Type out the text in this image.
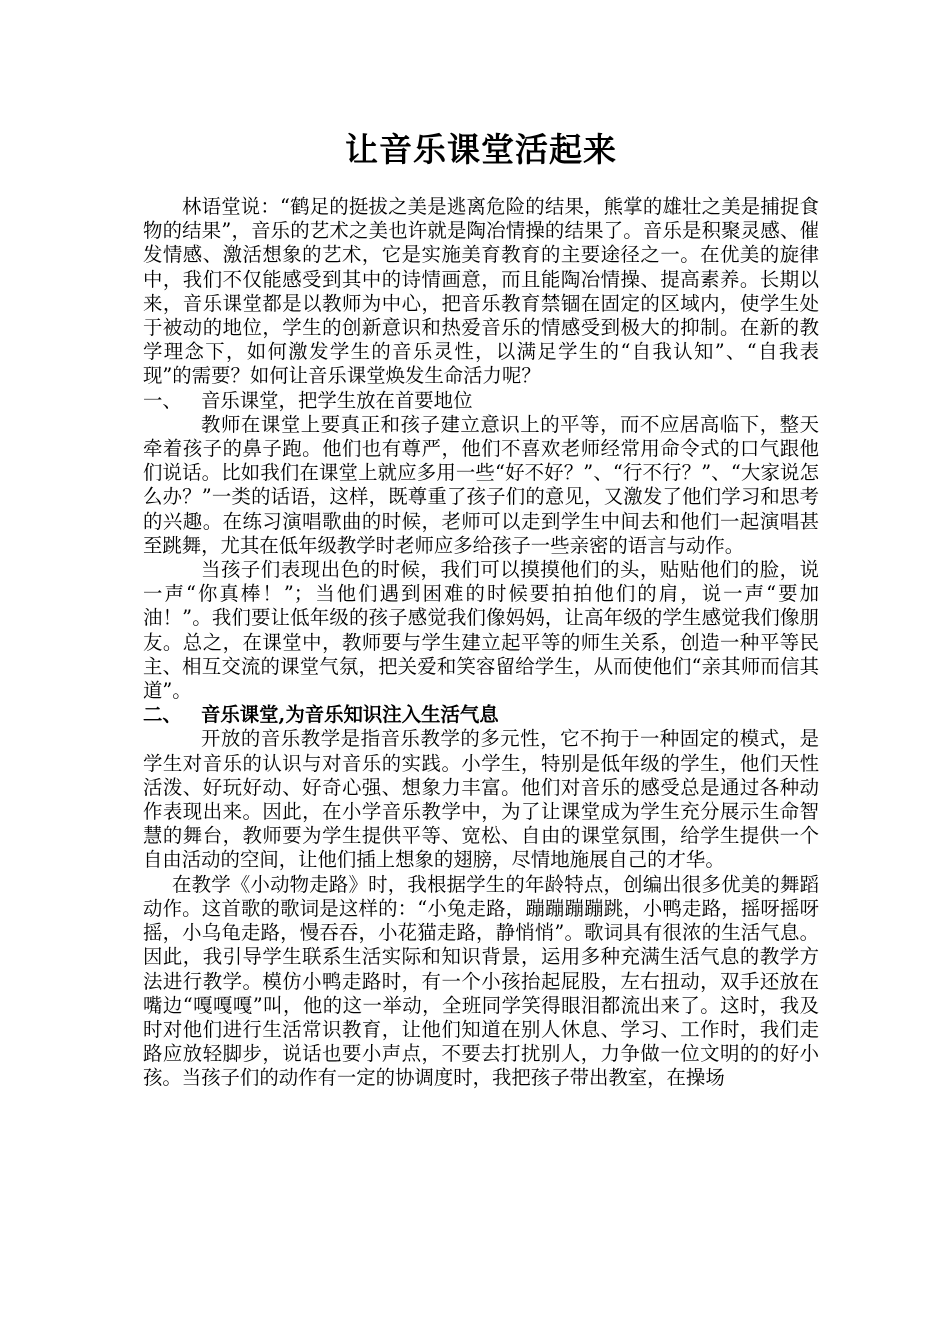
让音乐课堂活起来

林语堂说：“鹤足的挺拔之美是逃离危险的结果，熊掌的雄壮之美是捕捉食物的结果”，音乐的艺术之美也许就是陶冶情操的结果了。音乐是积聚灵感、催发情感、激活想象的艺术，它是实施美育教育的主要途径之一。在优美的旋律中，我们不仅能感受到其中的诗情画意，而且能陶冶情操、提高素养。长期以来，音乐课堂都是以教师为中心，把音乐教育禁锢在固定的区域内，使学生处于被动的地位，学生的创新意识和热爱音乐的情感受到极大的抑制。在新的教学理念下，如何激发学生的音乐灵性，以满足学生的“自我认知”、“自我表现”的需要？如何让音乐课堂焕发生命活力呢？

一、 音乐课堂，把学生放在首要地位

教师在课堂上要真正和孩子建立意识上的平等，而不应居高临下，整天牵着孩子的鼻子跑。他们也有尊严，他们不喜欢老师经常用命令式的口气跟他们说话。比如我们在课堂上就应多用一些“好不好？”、“行不行？”、“大家说怎么办？”一类的话语，这样，既尊重了孩子们的意见，又激发了他们学习和思考的兴趣。在练习演唱歌曲的时候，老师可以走到学生中间去和他们一起演唱甚至跳舞，尤其在低年级教学时老师应多给孩子一些亲密的语言与动作。

当孩子们表现出色的时候，我们可以摸摸他们的头，贴贴他们的脸，说一声“你真棒！”；当他们遇到困难的时候要拍拍他们的肩，说一声“要加油！”。我们要让低年级的孩子感觉我们像妈妈，让高年级的学生感觉我们像朋友。总之，在课堂中，教师要与学生建立起平等的师生关系，创造一种平等民主、相互交流的课堂气氛，把关爱和笑容留给学生，从而使他们“亲其师而信其道”。

二、 音乐课堂,为音乐知识注入生活气息

开放的音乐教学是指音乐教学的多元性，它不拘于一种固定的模式，是学生对音乐的认识与对音乐的实践。小学生，特别是低年级的学生，他们天性活泼、好玩好动、好奇心强、想象力丰富。他们对音乐的感受总是通过各种动作表现出来。因此，在小学音乐教学中，为了让课堂成为学生充分展示生命智慧的舞台，教师要为学生提供平等、宽松、自由的课堂氛围，给学生提供一个自由活动的空间，让他们插上想象的翅膀，尽情地施展自己的才华。

在教学《小动物走路》时，我根据学生的年龄特点，创编出很多优美的舞蹈动作。这首歌的歌词是这样的：“小兔走路，蹦蹦蹦蹦跳，小鸭走路，摇呀摇呀摇，小乌龟走路，慢吞吞，小花猫走路，静悄悄”。歌词具有很浓的生活气息。因此，我引导学生联系生活实际和知识背景，运用多种充满生活气息的教学方法进行教学。模仿小鸭走路时，有一个小孩抬起屁股，左右扭动，双手还放在嘴边“嘎嘎嘎”叫，他的这一举动，全班同学笑得眼泪都流出来了。这时，我及时对他们进行生活常识教育，让他们知道在别人休息、学习、工作时，我们走路应放轻脚步，说话也要小声点，不要去打扰别人，力争做一位文明的的好小孩。当孩子们的动作有一定的协调度时，我把孩子带出教室，在操场
